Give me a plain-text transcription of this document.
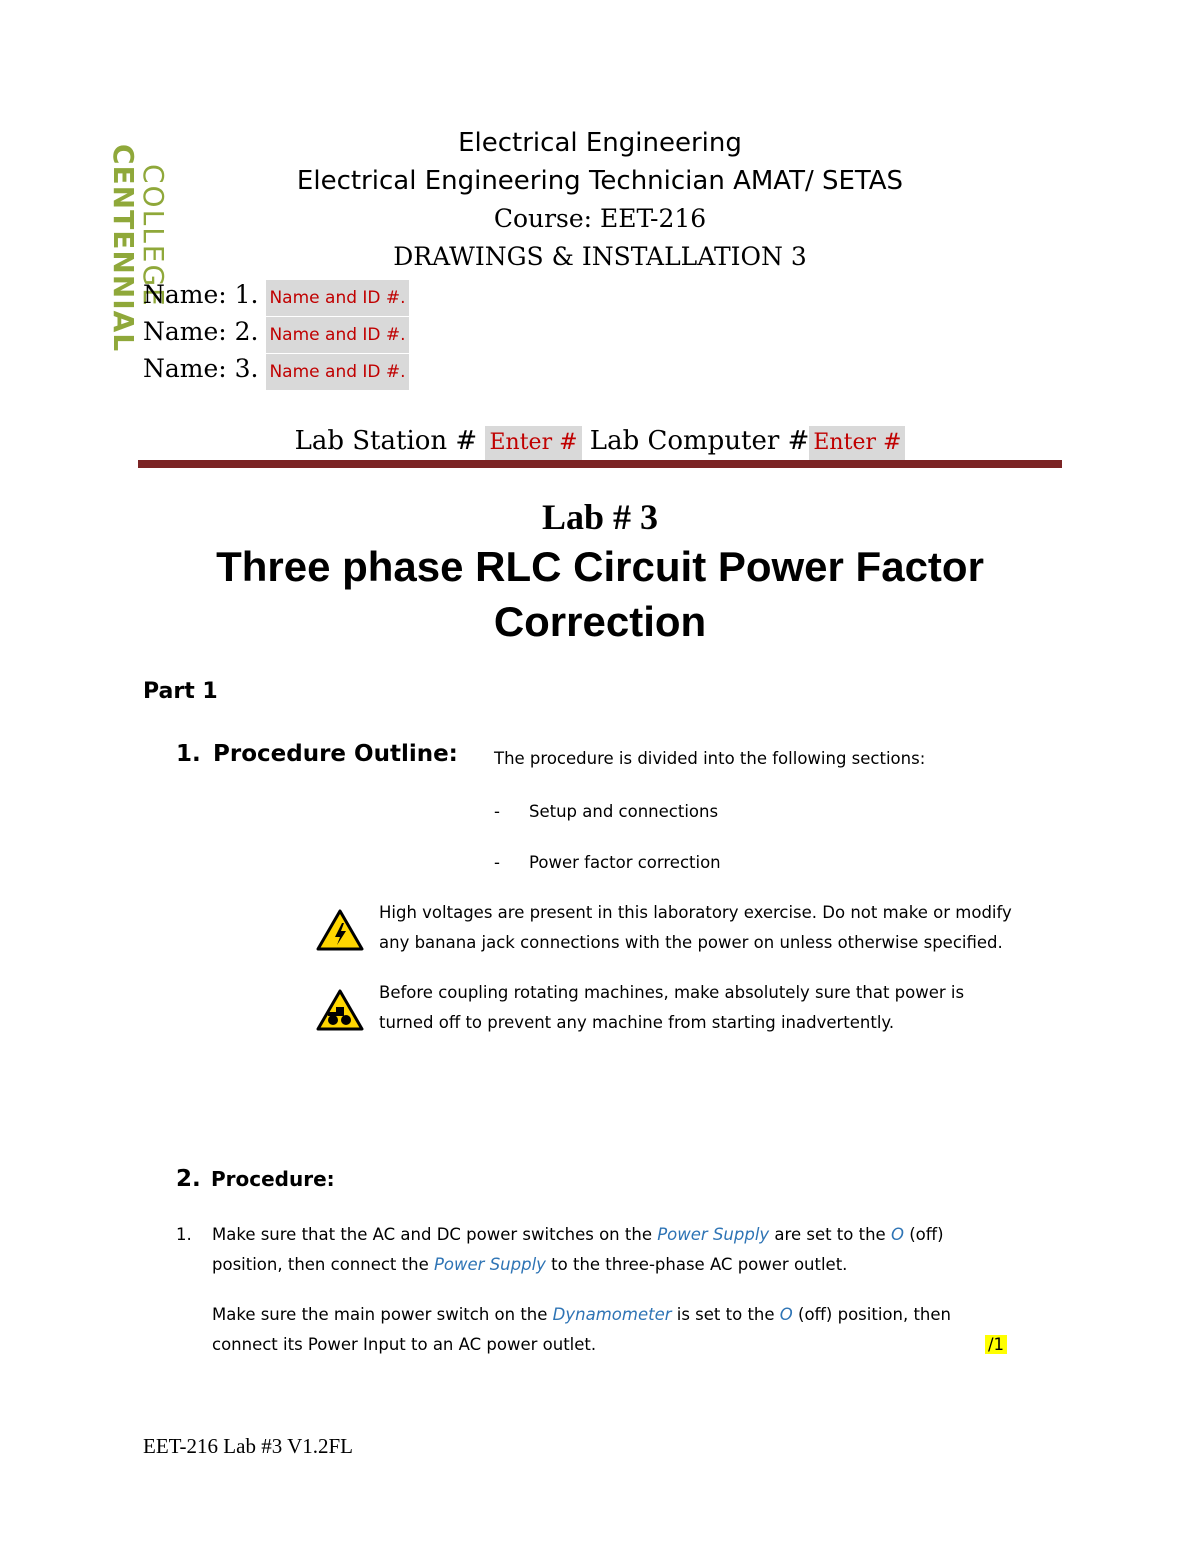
COLLEGE
CENTENNIAL
Electrical Engineering
Electrical Engineering Technician AMAT/ SETAS
Course: EET-216
DRAWINGS & INSTALLATION 3
Name: 1. Name and ID #.
Name: 2. Name and ID #.
Name: 3. Name and ID #.
Lab Station # Enter # Lab Computer # Enter #
Lab # 3
Three phase RLC Circuit Power Factor
Correction
Part 1
1. Procedure Outline: The procedure is divided into the following sections:
- Setup and connections
- Power factor correction
High voltages are present in this laboratory exercise. Do not make or modify
any banana jack connections with the power on unless otherwise specified.
Before coupling rotating machines, make absolutely sure that power is
turned off to prevent any machine from starting inadvertently.
2. Procedure:
1. Make sure that the AC and DC power switches on the Power Supply are set to the O (off)
position, then connect the Power Supply to the three-phase AC power outlet.
Make sure the main power switch on the Dynamometer is set to the O (off) position, then
connect its Power Input to an AC power outlet.	/1
EET-216 Lab #3 V1.2FL
